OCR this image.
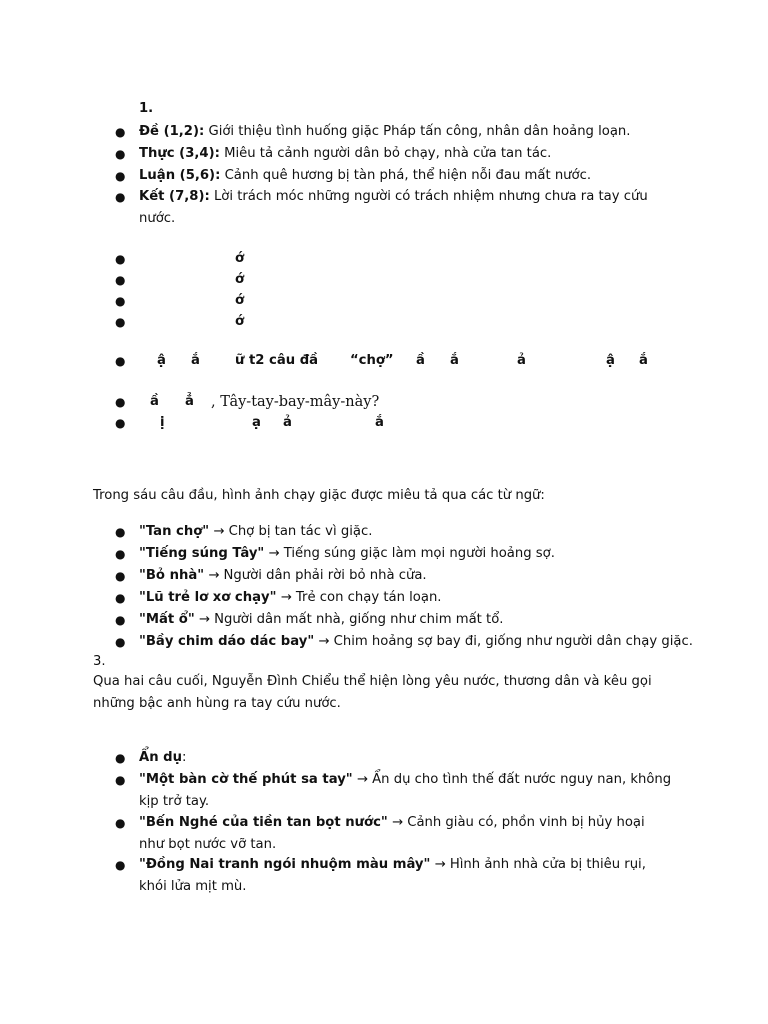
1.
● Đề (1,2): Giới thiệu tình huống giặc Pháp tấn công, nhân dân hoảng loạn.
● Thực (3,4): Miêu tả cảnh người dân bỏ chạy, nhà cửa tan tác.
● Luận (5,6): Cảnh quê hương bị tàn phá, thể hiện nỗi đau mất nước.
● Kết (7,8): Lời trách móc những người có trách nhiệm nhưng chưa ra tay cứu nước.
●	ớ
●	ớ
●	ớ
●	ớ
● ậ ắ	ữ t2 câu đầ “chợ” ầ ắ	ả	ậ ắ
● ầ ẳ , Tây-tay-bay-mây-này?
●	ị	ạ ả	ắ
Trong sáu câu đầu, hình ảnh chạy giặc được miêu tả qua các từ ngữ:
● "Tan chợ" → Chợ bị tan tác vì giặc.
● "Tiếng súng Tây" → Tiếng súng giặc làm mọi người hoảng sợ.
● "Bỏ nhà" → Người dân phải rời bỏ nhà cửa.
● "Lũ trẻ lơ xơ chạy" → Trẻ con chạy tán loạn.
● "Mất ổ" → Người dân mất nhà, giống như chim mất tổ.
● "Bầy chim dáo dác bay" → Chim hoảng sợ bay đi, giống như người dân chạy giặc.
3.
Qua hai câu cuối, Nguyễn Đình Chiểu thể hiện lòng yêu nước, thương dân và kêu gọi những bậc anh hùng ra tay cứu nước.
● Ẩn dụ:
● "Một bàn cờ thế phút sa tay" → Ẩn dụ cho tình thế đất nước nguy nan, không kịp trở tay.
● "Bến Nghé của tiền tan bọt nước" → Cảnh giàu có, phồn vinh bị hủy hoại như bọt nước vỡ tan.
● "Đồng Nai tranh ngói nhuộm màu mây" → Hình ảnh nhà cửa bị thiêu rụi, khói lửa mịt mù.
